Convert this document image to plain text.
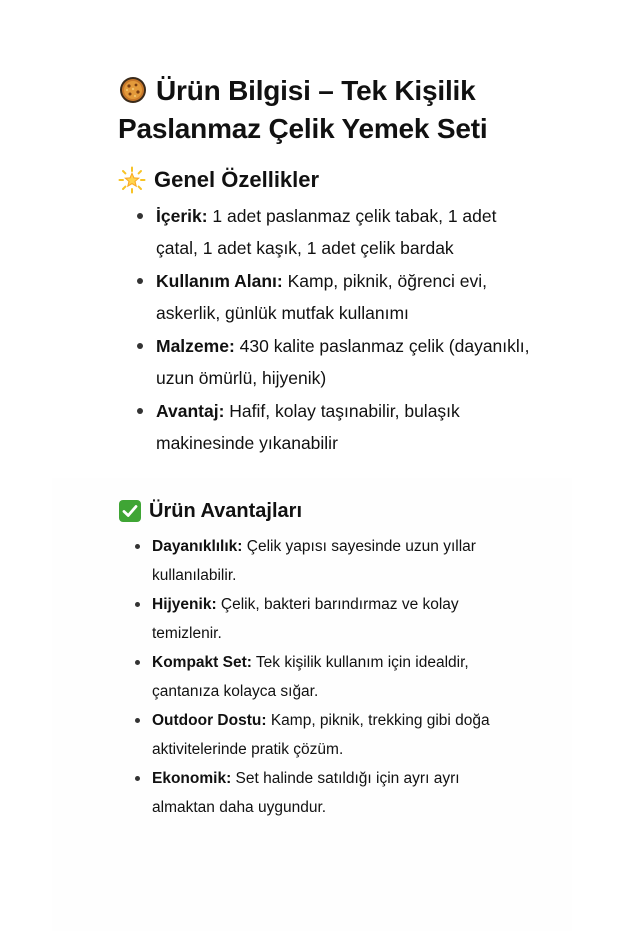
Ürün Bilgisi – Tek Kişilik
Paslanmaz Çelik Yemek Seti
Genel Özellikler
İçerik: 1 adet paslanmaz çelik tabak, 1 adet çatal, 1 adet kaşık, 1 adet çelik bardak
Kullanım Alanı: Kamp, piknik, öğrenci evi, askerlik, günlük mutfak kullanımı
Malzeme: 430 kalite paslanmaz çelik (dayanıklı, uzun ömürlü, hijyenik)
Avantaj: Hafif, kolay taşınabilir, bulaşık makinesinde yıkanabilir
Ürün Avantajları
Dayanıklılık: Çelik yapısı sayesinde uzun yıllar kullanılabilir.
Hijyenik: Çelik, bakteri barındırmaz ve kolay temizlenir.
Kompakt Set: Tek kişilik kullanım için idealdir, çantanıza kolayca sığar.
Outdoor Dostu: Kamp, piknik, trekking gibi doğa aktivitelerinde pratik çözüm.
Ekonomik: Set halinde satıldığı için ayrı ayrı almaktan daha uygundur.
